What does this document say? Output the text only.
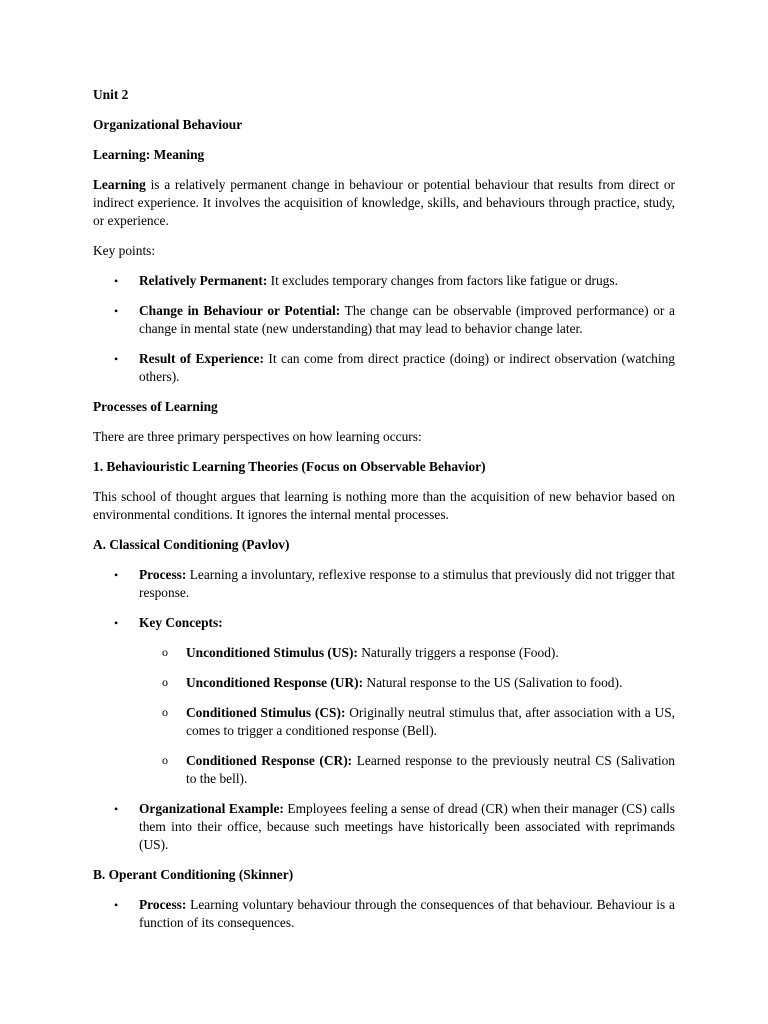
Unit 2

Organizational Behaviour

Learning: Meaning

Learning is a relatively permanent change in behaviour or potential behaviour that results from direct or indirect experience. It involves the acquisition of knowledge, skills, and behaviours through practice, study, or experience.

Key points:

• Relatively Permanent: It excludes temporary changes from factors like fatigue or drugs.
• Change in Behaviour or Potential: The change can be observable (improved performance) or a change in mental state (new understanding) that may lead to behavior change later.
• Result of Experience: It can come from direct practice (doing) or indirect observation (watching others).

Processes of Learning

There are three primary perspectives on how learning occurs:

1. Behaviouristic Learning Theories (Focus on Observable Behavior)

This school of thought argues that learning is nothing more than the acquisition of new behavior based on environmental conditions. It ignores the internal mental processes.

A. Classical Conditioning (Pavlov)

• Process: Learning a involuntary, reflexive response to a stimulus that previously did not trigger that response.
• Key Concepts:
o Unconditioned Stimulus (US): Naturally triggers a response (Food).
o Unconditioned Response (UR): Natural response to the US (Salivation to food).
o Conditioned Stimulus (CS): Originally neutral stimulus that, after association with a US, comes to trigger a conditioned response (Bell).
o Conditioned Response (CR): Learned response to the previously neutral CS (Salivation to the bell).
• Organizational Example: Employees feeling a sense of dread (CR) when their manager (CS) calls them into their office, because such meetings have historically been associated with reprimands (US).

B. Operant Conditioning (Skinner)

• Process: Learning voluntary behaviour through the consequences of that behaviour. Behaviour is a function of its consequences.
